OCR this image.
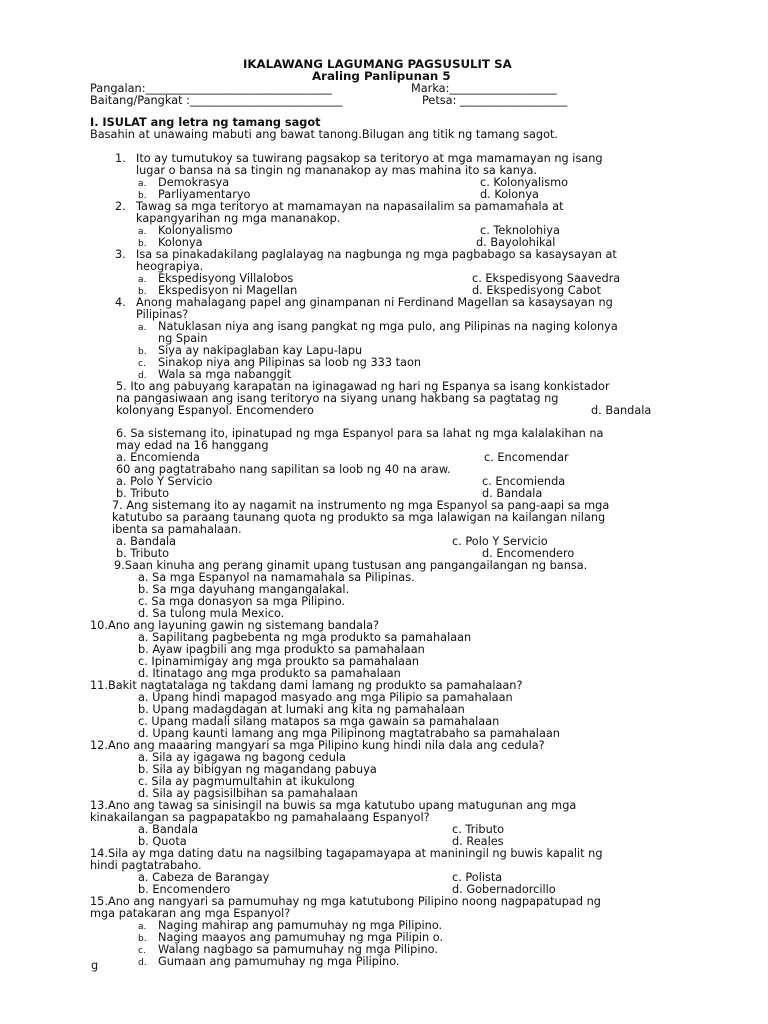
IKALAWANG LAGUMANG PAGSUSULIT SA
Araling Panlipunan 5
Pangalan:_________________________________	Marka:___________________
Baitang/Pangkat :___________________________	Petsa: ___________________
I. ISULAT ang letra ng tamang sagot
Basahin at unawaing mabuti ang bawat tanong.Bilugan ang titik ng tamang sagot.
1. Ito ay tumutukoy sa tuwirang pagsakop sa teritoryo at mga mamamayan ng isang
lugar o bansa na sa tingin ng mananakop ay mas mahina ito sa kanya.
a. Demokrasya	c. Kolonyalismo
b. Parliyamentaryo	d. Kolonya
2. Tawag sa mga teritoryo at mamamayan na napasailalim sa pamamahala at
kapangyarihan ng mga mananakop.
a. Kolonyalismo	c. Teknolohiya
b. Kolonya	d. Bayolohikal
3. Isa sa pinakadakilang paglalayag na nagbunga ng mga pagbabago sa kasaysayan at
heograpiya.
a. Ekspedisyong Villalobos	c. Ekspedisyong Saavedra
b. Ekspedisyon ni Magellan	d. Ekspedisyong Cabot
4. Anong mahalagang papel ang ginampanan ni Ferdinand Magellan sa kasaysayan ng
Pilipinas?
a. Natuklasan niya ang isang pangkat ng mga pulo, ang Pilipinas na naging kolonya
ng Spain
b. Siya ay nakipaglaban kay Lapu-lapu
c. Sinakop niya ang Pilipinas sa loob ng 333 taon
d. Wala sa mga nabanggit
5. Ito ang pabuyang karapatan na iginagawad ng hari ng Espanya sa isang konkistador
na pangasiwaan ang isang teritoryo na siyang unang hakbang sa pagtatag ng
kolonyang Espanyol. Encomendero	d. Bandala
6. Sa sistemang ito, ipinatupad ng mga Espanyol para sa lahat ng mga kalalakihan na
may edad na 16 hanggang
a. Encomienda	c. Encomendar
60 ang pagtatrabaho nang sapilitan sa loob ng 40 na araw.
a. Polo Y Servicio	c. Encomienda
b. Tributo	d. Bandala
7. Ang sistemang ito ay nagamit na instrumento ng mga Espanyol sa pang-aapi sa mga
katutubo sa paraang taunang quota ng produkto sa mga lalawigan na kailangan nilang
ibenta sa pamahalaan.
a. Bandala	c. Polo Y Servicio
b. Tributo	d. Encomendero
9.Saan kinuha ang perang ginamit upang tustusan ang pangangailangan ng bansa.
a. Sa mga Espanyol na namamahala sa Pilipinas.
b. Sa mga dayuhang mangangalakal.
c. Sa mga donasyon sa mga Pilipino.
d. Sa tulong mula Mexico.
10.Ano ang layuning gawin ng sistemang bandala?
a. Sapilitang pagbebenta ng mga produkto sa pamahalaan
b. Ayaw ipagbili ang mga produkto sa pamahalaan
c. Ipinamimigay ang mga proukto sa pamahalaan
d. Itinatago ang mga produkto sa pamahalaan
11.Bakit nagtatalaga ng takdang dami lamang ng produkto sa pamahalaan?
a. Upang hindi mapagod masyado ang mga Pilipio sa pamahalaan
b. Upang madagdagan at lumaki ang kita ng pamahalaan
c. Upang madali silang matapos sa mga gawain sa pamahalaan
d. Upang kaunti lamang ang mga Pilipinong magtatrabaho sa pamahalaan
12.Ano ang maaaring mangyari sa mga Pilipino kung hindi nila dala ang cedula?
a. Sila ay igagawa ng bagong cedula
b. Sila ay bibigyan ng magandang pabuya
c. Sila ay pagmumultahin at ikukulong
d. Sila ay pagsisilbihan sa pamahalaan
13.Ano ang tawag sa sinisingil na buwis sa mga katutubo upang matugunan ang mga
kinakailangan sa pagpapatakbo ng pamahalaang Espanyol?
a. Bandala	c. Tributo
b. Quota	d. Reales
14.Sila ay mga dating datu na nagsilbing tagapamayapa at maniningil ng buwis kapalit ng
hindi pagtatrabaho.
a. Cabeza de Barangay	c. Polista
b. Encomendero	d. Gobernadorcillo
15.Ano ang nangyari sa pamumuhay ng mga katutubong Pilipino noong nagpapatupad ng
mga patakaran ang mga Espanyol?
a. Naging mahirap ang pamumuhay ng mga Pilipino.
b. Naging maayos ang pamumuhay ng mga Pilipin o.
c. Walang nagbago sa pamumuhay ng mga Pilipino.
d. Gumaan ang pamumuhay ng mga Pilipino.
g
